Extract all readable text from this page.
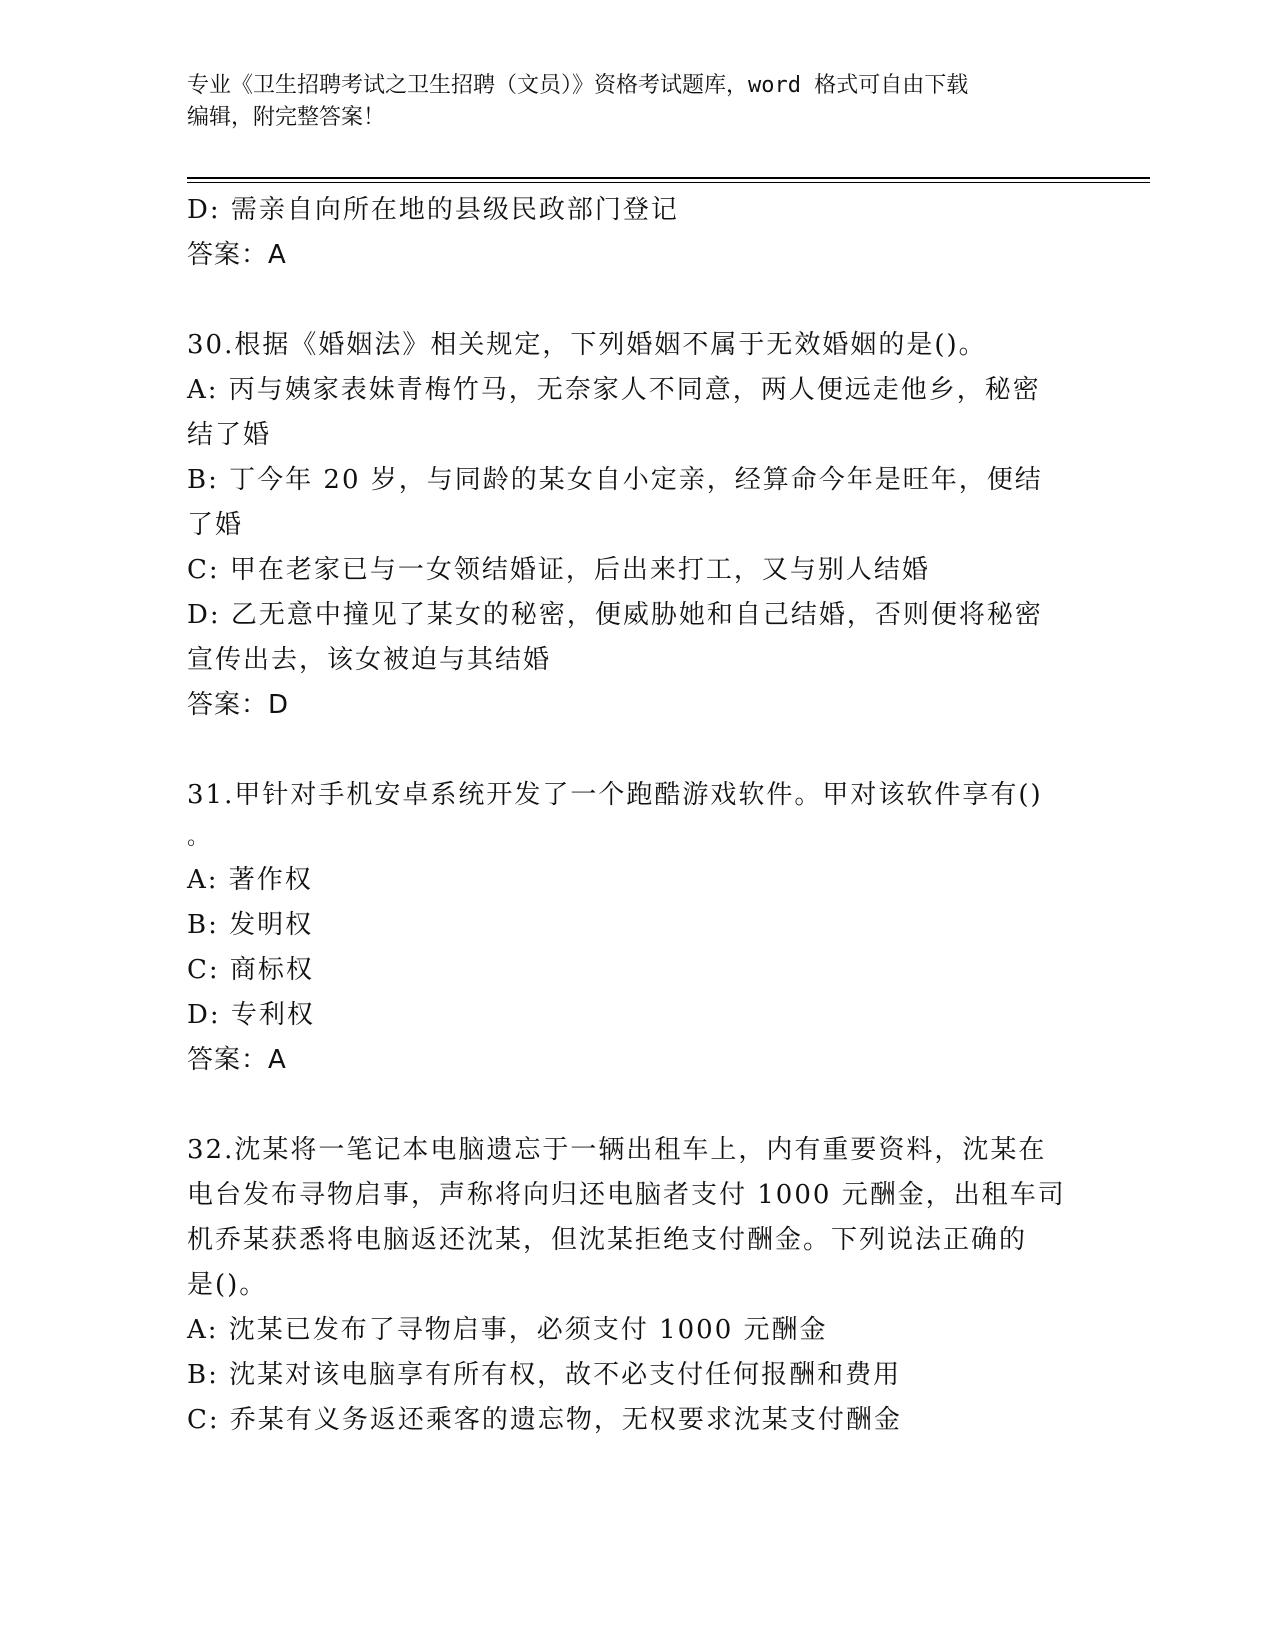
专业《卫生招聘考试之卫生招聘（文员）》资格考试题库，word 格式可自由下载
编辑，附完整答案！
D: 需亲自向所在地的县级民政部门登记
答案：A
30.根据《婚姻法》相关规定，下列婚姻不属于无效婚姻的是()。
A: 丙与姨家表妹青梅竹马，无奈家人不同意，两人便远走他乡，秘密
结了婚
B: 丁今年 20 岁，与同龄的某女自小定亲，经算命今年是旺年，便结
了婚
C: 甲在老家已与一女领结婚证，后出来打工，又与别人结婚
D: 乙无意中撞见了某女的秘密，便威胁她和自己结婚，否则便将秘密
宣传出去，该女被迫与其结婚
答案：D
31.甲针对手机安卓系统开发了一个跑酷游戏软件。甲对该软件享有()
。
A: 著作权
B: 发明权
C: 商标权
D: 专利权
答案：A
32.沈某将一笔记本电脑遗忘于一辆出租车上，内有重要资料，沈某在
电台发布寻物启事，声称将向归还电脑者支付 1000 元酬金，出租车司
机乔某获悉将电脑返还沈某，但沈某拒绝支付酬金。下列说法正确的
是()。
A: 沈某已发布了寻物启事，必须支付 1000 元酬金
B: 沈某对该电脑享有所有权，故不必支付任何报酬和费用
C: 乔某有义务返还乘客的遗忘物，无权要求沈某支付酬金
